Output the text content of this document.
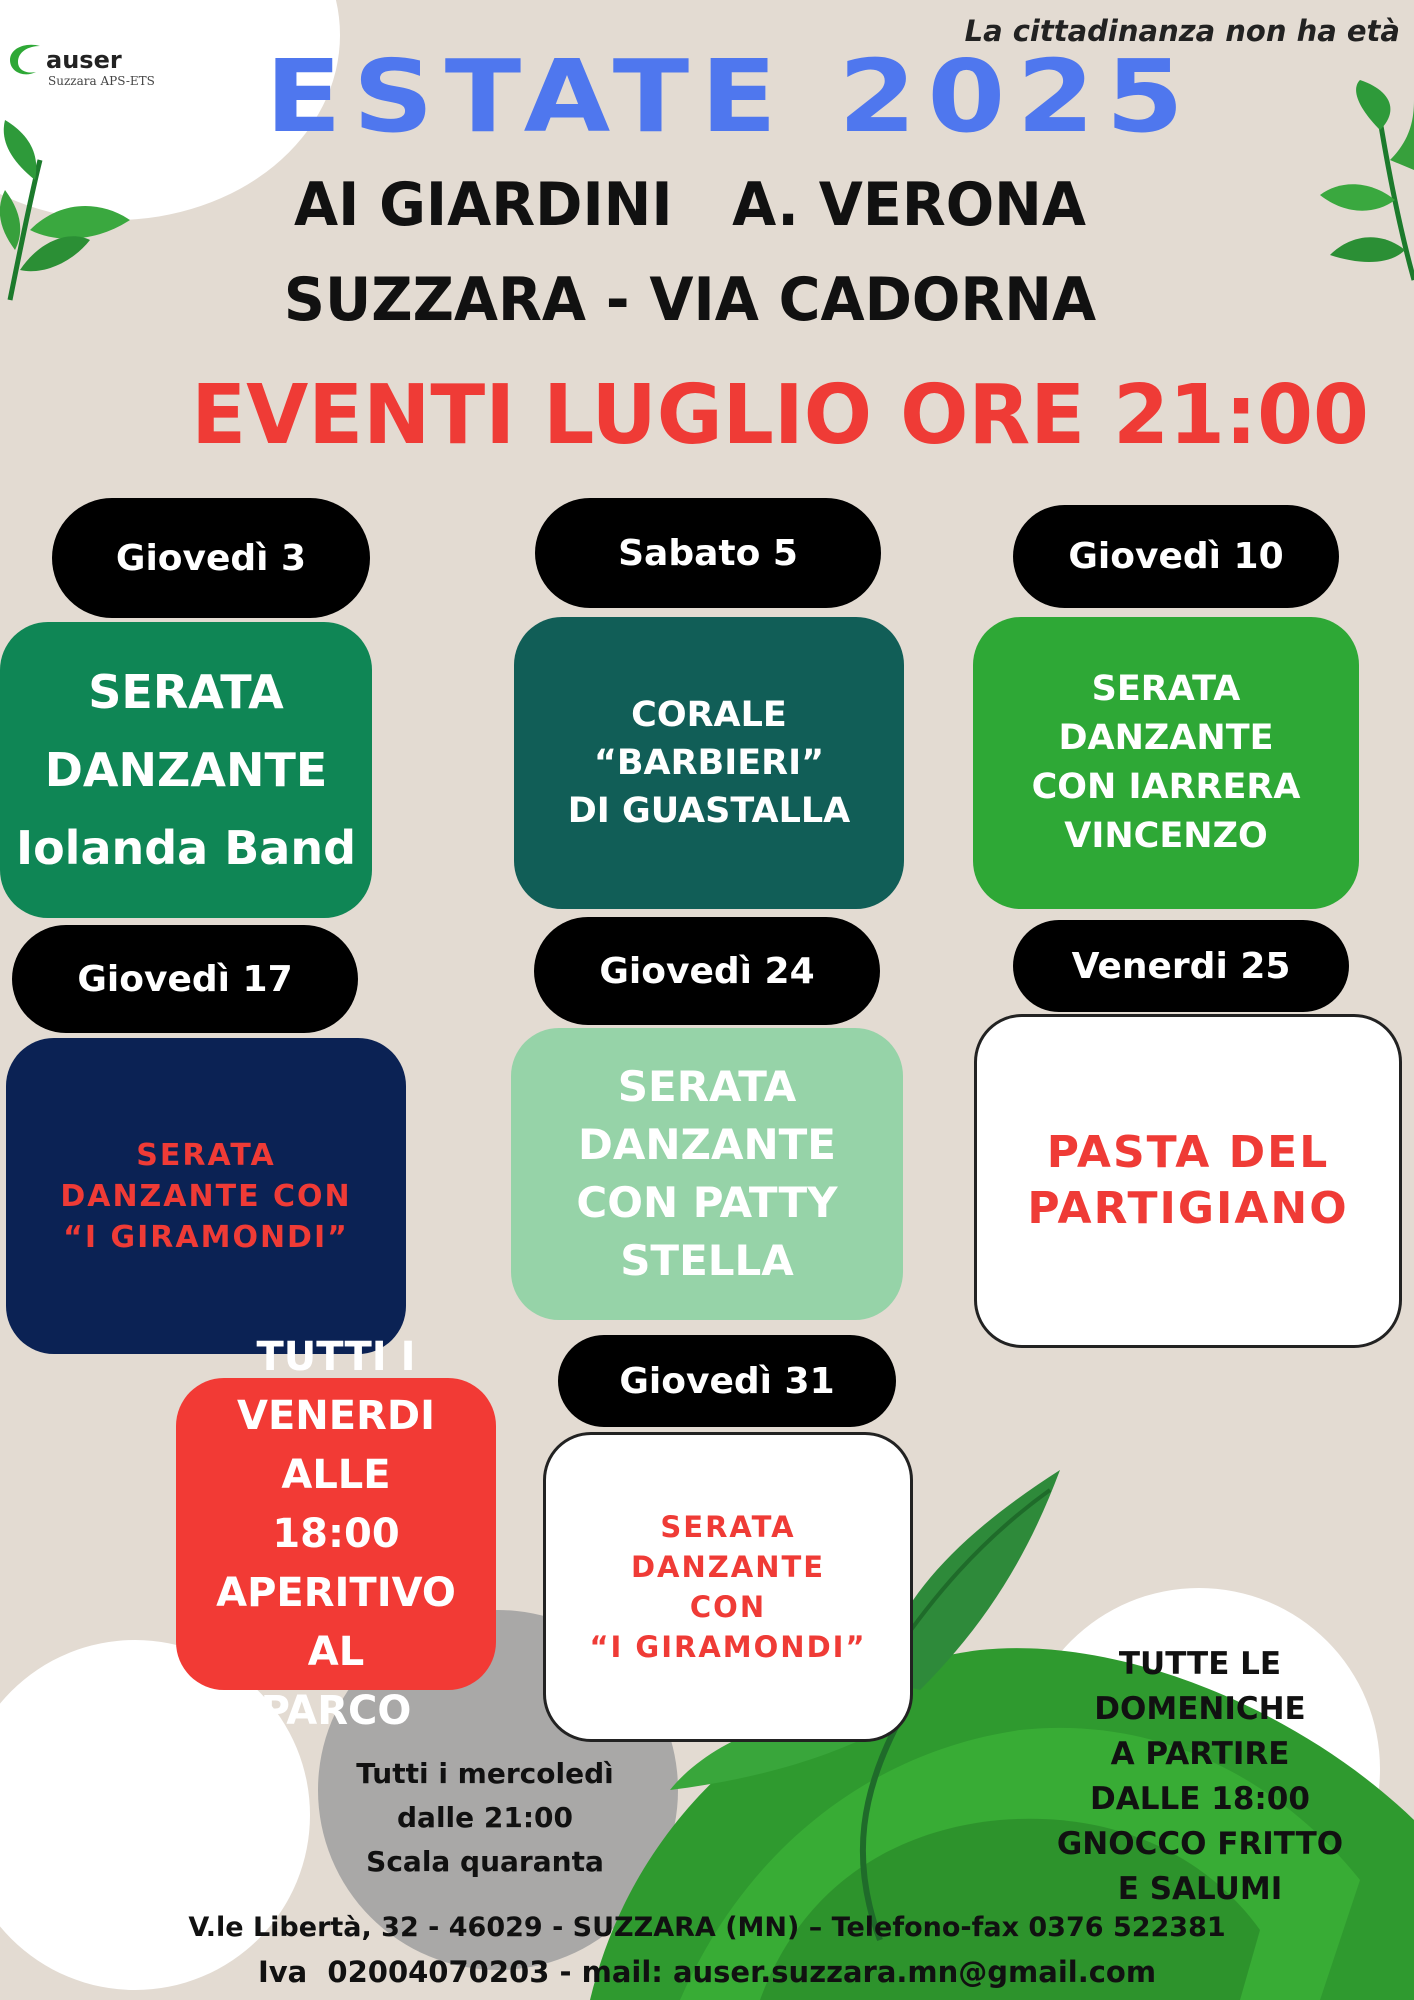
auser
Suzzara APS-ETS
La cittadinanza non ha età
ESTATE 2025
AI GIARDINI   A. VERONA
SUZZARA - VIA CADORNA
EVENTI LUGLIO ORE 21:00
Giovedì 3
SERATA
DANZANTE
Iolanda Band
Sabato 5
CORALE “BARBIERI”
DI GUASTALLA
Giovedì 10
SERATA DANZANTE
CON IARRERA
VINCENZO
Giovedì 17
SERATA
DANZANTE CON
“I GIRAMONDI”
Giovedì 24
SERATA
DANZANTE
CON PATTY
STELLA
Venerdi 25
PASTA DEL
PARTIGIANO
Giovedì 31
SERATA
DANZANTE
CON
“I GIRAMONDI”
TUTTI I
VENERDI ALLE
18:00
APERITIVO AL
PARCO
Tutti i mercoledì
dalle 21:00
Scala quaranta
TUTTE LE
DOMENICHE
A PARTIRE
DALLE 18:00
GNOCCO FRITTO
E SALUMI
V.le Libertà, 32 - 46029 - SUZZARA (MN) – Telefono-fax 0376 522381
Iva  02004070203 - mail: auser.suzzara.mn@gmail.com
